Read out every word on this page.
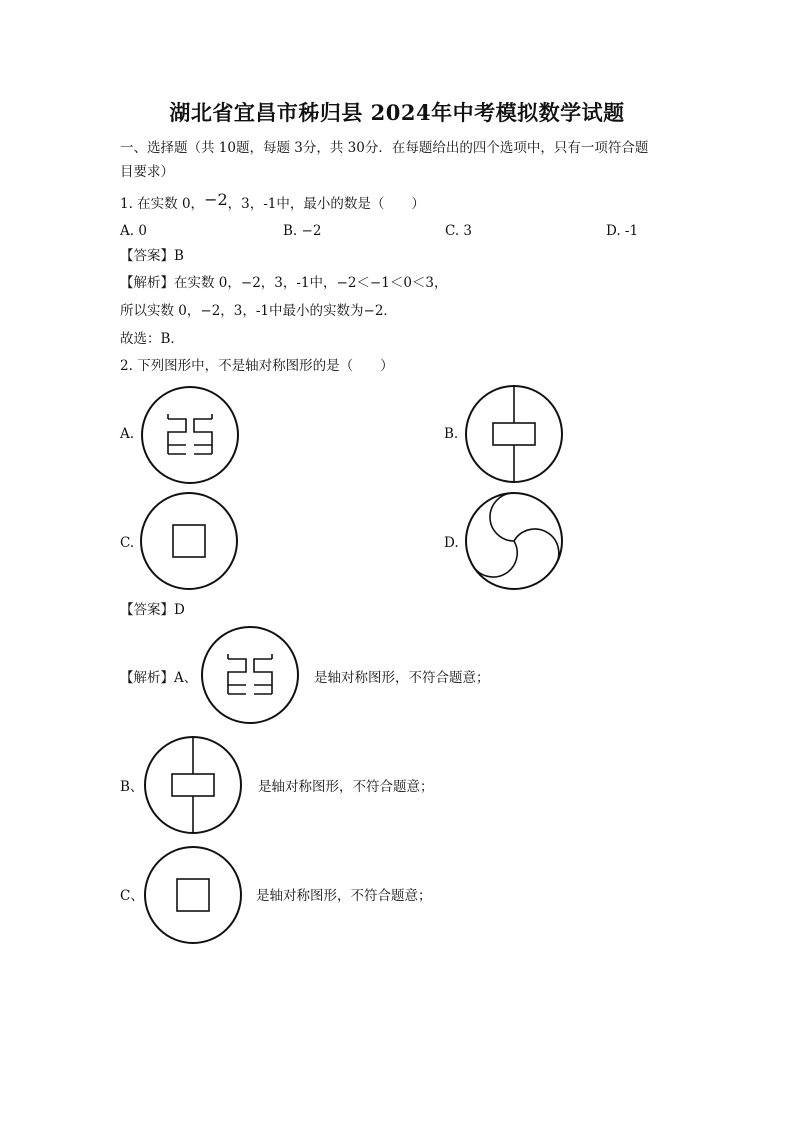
湖北省宜昌市秭归县 2024年中考模拟数学试题
一、选择题（共 10题，每题 3分，共 30分．在每题给出的四个选项中，只有一项符合题
目要求）
1. 在实数 0，−2，3，-1中，最小的数是（　　）
A. 0	B. −2	C. 3	D. -1
【答案】B
【解析】在实数 0，−2，3，-1中，−2＜−1＜0＜3，
所以实数 0，−2，3，-1中最小的实数为−2．
故选：B．
2. 下列图形中，不是轴对称图形的是（　　）
A.	B.
C.	D.
【答案】D
【解析】A、	是轴对称图形，不符合题意；
B、	是轴对称图形，不符合题意；
C、	是轴对称图形，不符合题意；
